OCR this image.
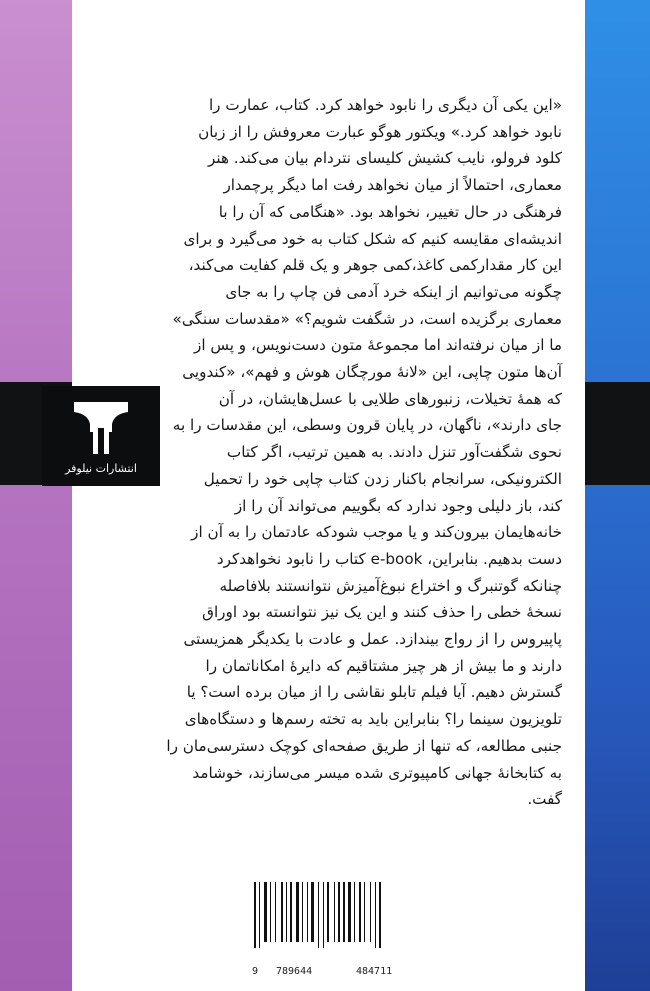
انتشارات نیلوفر
«این یکی آن دیگری را نابود خواهد کرد. کتاب، عمارت را
نابود خواهد کرد.» ویکتور هوگو عبارت معروفش را از زبان
کلود فرولو، نایب کشیش کلیسای نتردام بیان می‌کند. هنر
معماری، احتمالاً از میان نخواهد رفت اما دیگر پرچمدار
فرهنگی در حال تغییر، نخواهد بود. «هنگامی که آن را با
اندیشه‌ای مقایسه کنیم که شکل کتاب به خود می‌گیرد و برای
این کار مقدارکمی کاغذ،کمی جوهر و یک قلم کفایت می‌کند،
چگونه می‌توانیم از اینکه خرد آدمی فن چاپ را به جای
معماری برگزیده است، در شگفت شویم؟» «مقدسات سنگی»
ما از میان نرفته‌اند اما مجموعهٔ متون دست‌نویس، و پس از
آن‌ها متون چاپی، این «لانهٔ مورچگان هوش و فهم»، «کندویی
که همهٔ تخیلات، زنبورهای طلایی با عسل‌هایشان، در آن
جای دارند»، ناگهان، در پایان قرون وسطی، این مقدسات را به
نحوی شگفت‌آور تنزل دادند. به همین ترتیب، اگر کتاب
الکترونیکی، سرانجام باکنار زدن کتاب چاپی خود را تحمیل
کند، باز دلیلی وجود ندارد که بگوییم می‌تواند آن را از
خانه‌هایمان بیرون‌کند و یا موجب شود‌که عادتمان را به آن از
دست بدهیم. بنابراین، e-book کتاب را نابود نخواهد‌کرد
چنانکه گوتنبرگ و اختراع نبوغ‌آمیزش نتوانستند بلافاصله
نسخهٔ خطی را حذف کنند و این یک نیز نتوانسته بود اوراق
پاپیروس را از رواج بیندازد. عمل و عادت با یکدیگر همزیستی
دارند و ما بیش از هر چیز مشتاقیم که دایرهٔ امکاناتمان را
گسترش دهیم. آیا فیلم تابلو نقاشی را از میان برده است؟ یا
تلویزیون سینما را؟ بنابراین باید به تخته رسم‌ها و دستگاه‌های
جنبی مطالعه، که تنها از طریق صفحه‌ای کوچک دسترسی‌مان را
به کتابخانهٔ جهانی کامپیوتری شده میسر می‌سازند، خوشامد
گفت.
9 789644	484711
